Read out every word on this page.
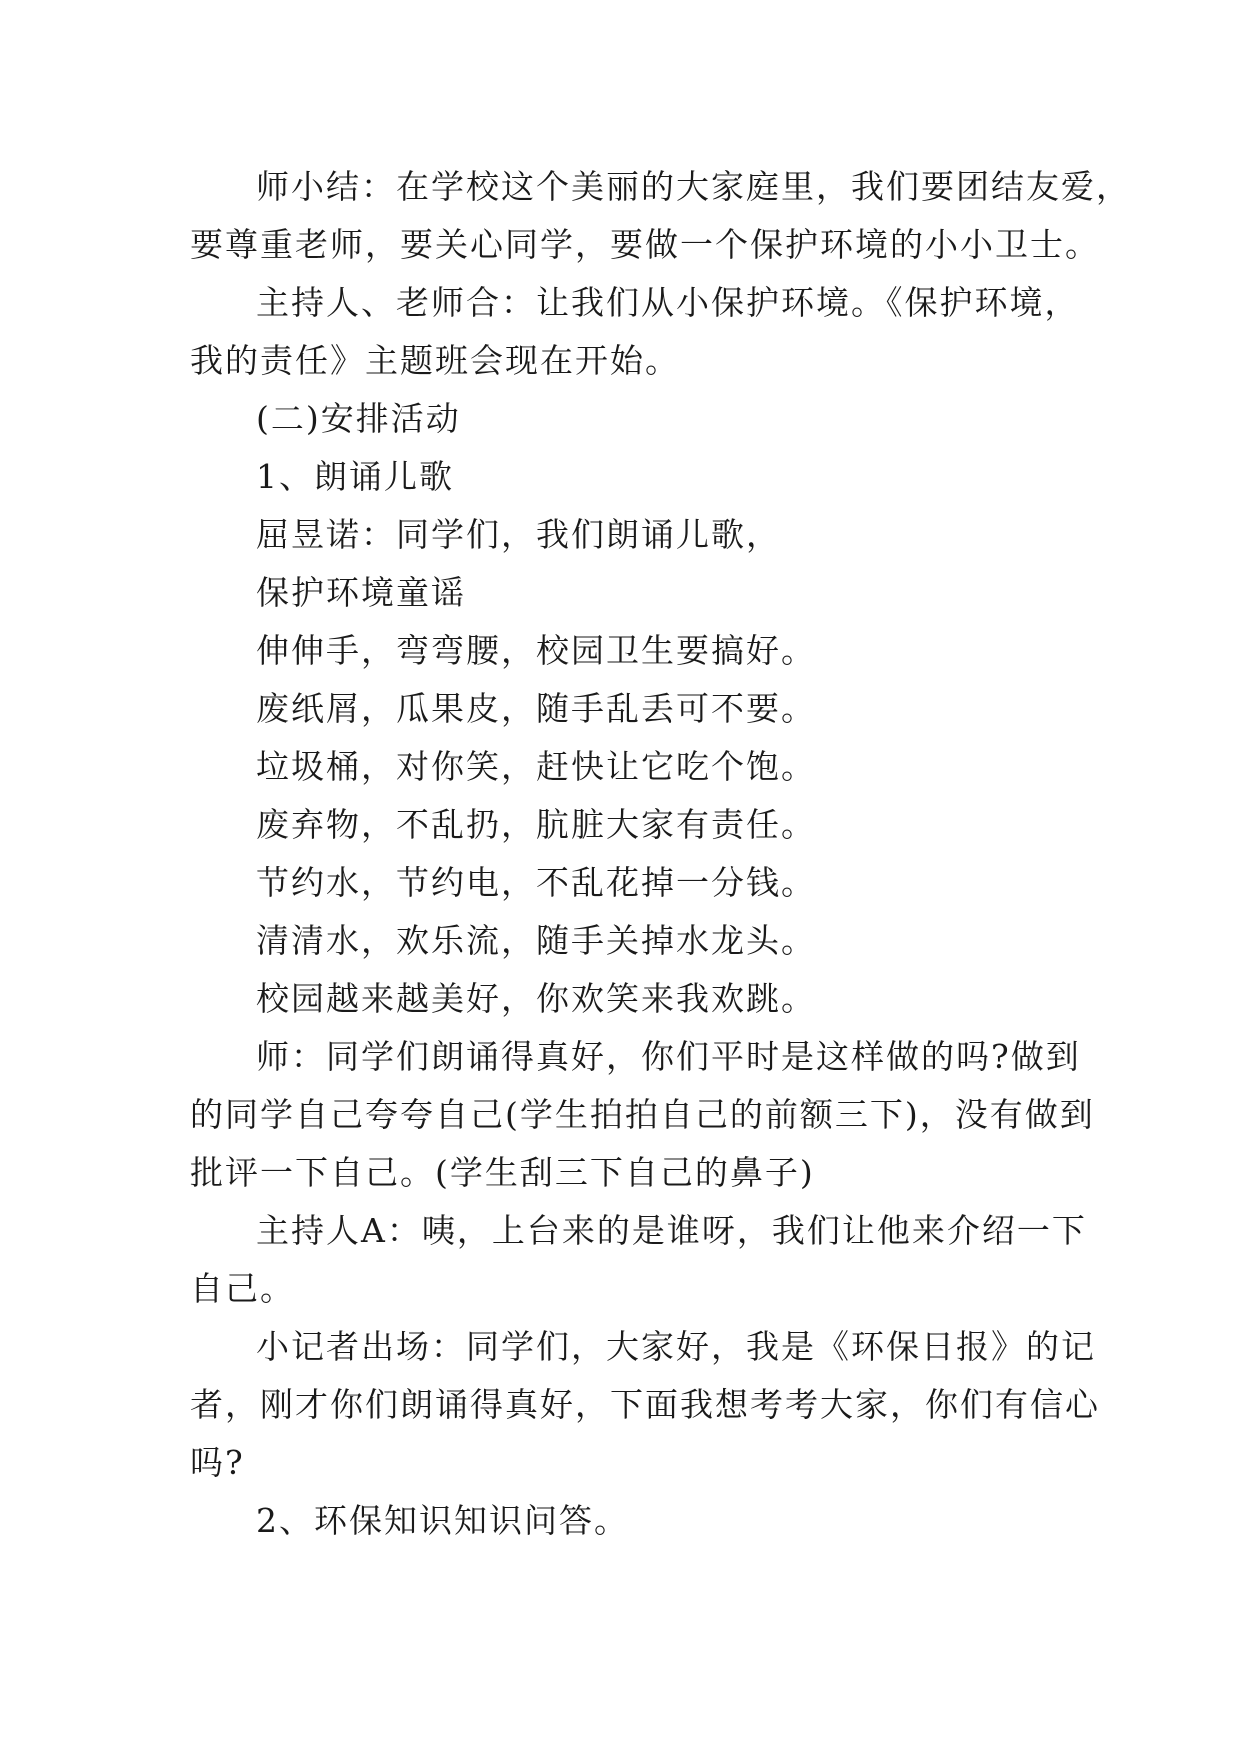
师小结：在学校这个美丽的大家庭里，我们要团结友爱，
要尊重老师，要关心同学，要做一个保护环境的小小卫士。
主持人、老师合：让我们从小保护环境。《保护环境，
我的责任》主题班会现在开始。
(二)安排活动
1、朗诵儿歌
屈昱诺：同学们，我们朗诵儿歌，
保护环境童谣
伸伸手，弯弯腰，校园卫生要搞好。
废纸屑，瓜果皮，随手乱丢可不要。
垃圾桶，对你笑，赶快让它吃个饱。
废弃物，不乱扔，肮脏大家有责任。
节约水，节约电，不乱花掉一分钱。
清清水，欢乐流，随手关掉水龙头。
校园越来越美好，你欢笑来我欢跳。
师：同学们朗诵得真好，你们平时是这样做的吗?做到
的同学自己夸夸自己(学生拍拍自己的前额三下)，没有做到
批评一下自己。(学生刮三下自己的鼻子)
主持人A：咦，上台来的是谁呀，我们让他来介绍一下
自己。
小记者出场：同学们，大家好，我是《环保日报》的记
者，刚才你们朗诵得真好，下面我想考考大家，你们有信心
吗?
2、环保知识知识问答。
